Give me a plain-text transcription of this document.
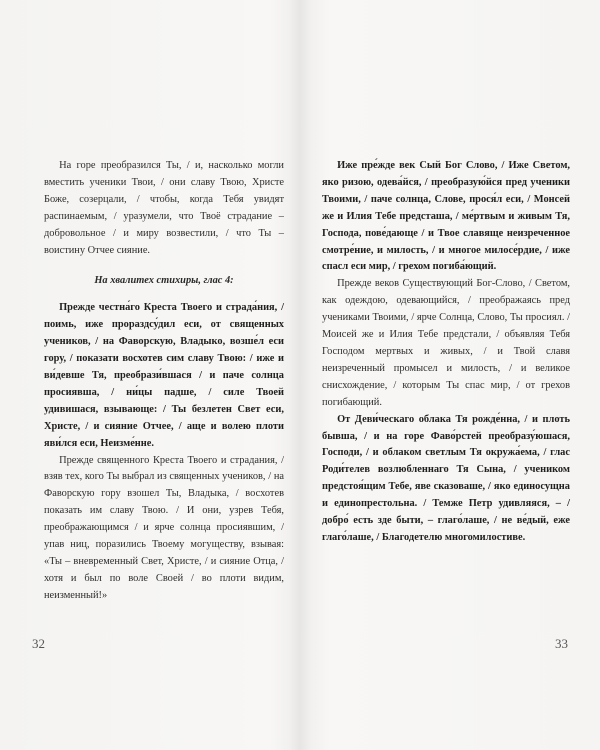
На горе преобразился Ты, / и, насколько могли вместить ученики Твои, / они славу Твою, Христе Боже, созерцали, / чтобы, когда Тебя увидят распинаемым, / уразумели, что Твоё страдание – добровольное / и миру возвестили, / что Ты – воистину Отчее сияние.

На хвалитех стихиры, глас 4:

Прежде честна́го Креста Твоего и страда́ния, / поимь, иже прораздсу́дил еси, от священных учеников, / на Фаворскую, Владыко, возше́л еси гору, / показати восхотев сим славу Твою: / иже и ви́девше Тя, преобрази́вшася / и паче солнца просиявша, / ни́цы падше, / силе Твоей удивишася, взывающе: / Ты безлетен Свет еси, Христе, / и сияние Отчее, / аще и волею плоти яви́лся еси, Неизме́нне.

Прежде священного Креста Твоего и страдания, / взяв тех, кого Ты выбрал из священных учеников, / на Фаворскую гору взошел Ты, Владыка, / восхотев показать им славу Твою. / И они, узрев Тебя, преображающимся / и ярче солнца просиявшим, / упав ниц, поразились Твоему могуществу, взывая: «Ты – вневременный Свет, Христе, / и сияние Отца, / хотя и был по воле Своей / во плоти видим, неизменный!»

32

Иже пре́жде век Сый Бог Слово, / Иже Светом, яко ризою, одева́йся, / преобразую́йся пред ученики Твоими, / паче солнца, Слове, прося́л еси, / Монсей же и Илия Тебе предсташа, / ме́ртвым и живым Тя, Господа, пове́дающе / и Твое славяще неизреченное смотре́ние, и милость, / и многое милосе́рдие, / иже спасл еси мир, / грехом погиба́ющий.

Прежде веков Существующий Бог-Слово, / Светом, как одеждою, одевающийся, / преображаясь пред учениками Твоими, / ярче Солнца, Слово, Ты просиял. / Моисей же и Илия Тебе предстали, / объявляя Тебя Господом мертвых и живых, / и Твой славя неизреченный промысел и милость, / и великое снисхождение, / которым Ты спас мир, / от грехов погибающий.

От Деви́ческаго облака Тя рожде́нна, / и плоть бывша, / и на горе Фаво́рстей преобразу́юшася, Господи, / и облаком светлым Тя окружа́ема, / глас Роди́телев возлюбленнаго Тя Сына, / учеником предстоя́щим Тебе, яве сказоваше, / яко единосущна и единопрестольна. / Темже Петр удивляяся, – / добро́ есть зде быти, – глаго́лаше, / не ве́дый, еже глаго́лаше, / Благодетелю многомилостиве.

33
